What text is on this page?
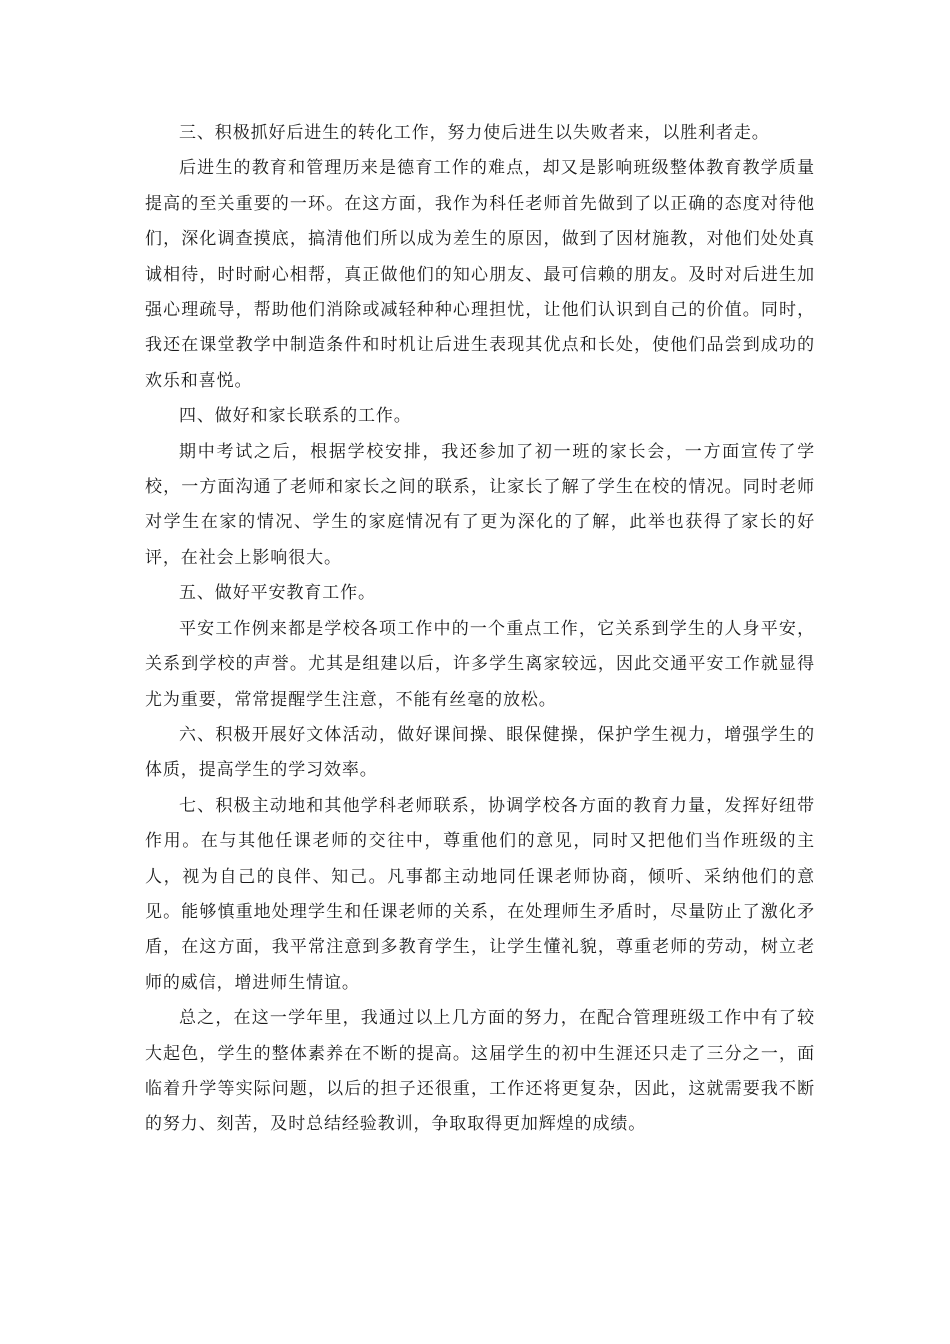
三、积极抓好后进生的转化工作，努力使后进生以失败者来，以胜利者走。

后进生的教育和管理历来是德育工作的难点，却又是影响班级整体教育教学质量提高的至关重要的一环。在这方面，我作为科任老师首先做到了以正确的态度对待他们，深化调查摸底，搞清他们所以成为差生的原因，做到了因材施教，对他们处处真诚相待，时时耐心相帮，真正做他们的知心朋友、最可信赖的朋友。及时对后进生加强心理疏导，帮助他们消除或减轻种种心理担忧，让他们认识到自己的价值。同时，我还在课堂教学中制造条件和时机让后进生表现其优点和长处，使他们品尝到成功的欢乐和喜悦。

四、做好和家长联系的工作。

期中考试之后，根据学校安排，我还参加了初一班的家长会，一方面宣传了学校，一方面沟通了老师和家长之间的联系，让家长了解了学生在校的情况。同时老师对学生在家的情况、学生的家庭情况有了更为深化的了解，此举也获得了家长的好评，在社会上影响很大。

五、做好平安教育工作。

平安工作例来都是学校各项工作中的一个重点工作，它关系到学生的人身平安，关系到学校的声誉。尤其是组建以后，许多学生离家较远，因此交通平安工作就显得尤为重要，常常提醒学生注意，不能有丝毫的放松。

六、积极开展好文体活动，做好课间操、眼保健操，保护学生视力，增强学生的体质，提高学生的学习效率。

七、积极主动地和其他学科老师联系，协调学校各方面的教育力量，发挥好纽带作用。在与其他任课老师的交往中，尊重他们的意见，同时又把他们当作班级的主人，视为自己的良伴、知己。凡事都主动地同任课老师协商，倾听、采纳他们的意见。能够慎重地处理学生和任课老师的关系，在处理师生矛盾时，尽量防止了激化矛盾，在这方面，我平常注意到多教育学生，让学生懂礼貌，尊重老师的劳动，树立老师的威信，增进师生情谊。

总之，在这一学年里，我通过以上几方面的努力，在配合管理班级工作中有了较大起色，学生的整体素养在不断的提高。这届学生的初中生涯还只走了三分之一，面临着升学等实际问题，以后的担子还很重，工作还将更复杂，因此，这就需要我不断的努力、刻苦，及时总结经验教训，争取取得更加辉煌的成绩。
